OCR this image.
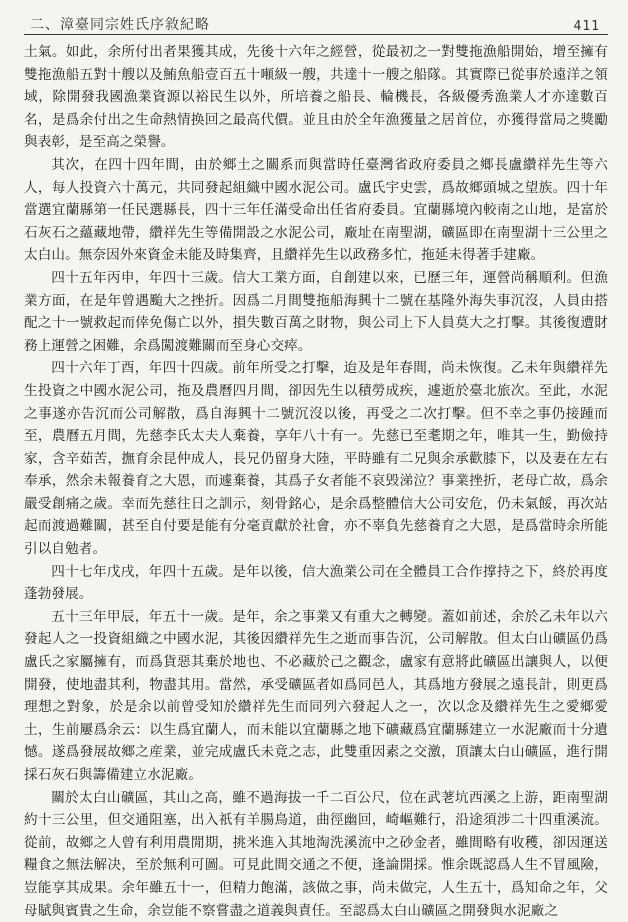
二、漳臺同宗姓氏序敘紀略	411

土氣。如此，余所付出者果獲其成，先後十六年之經營，從最初之一對雙拖漁船開始，增至擁有雙拖漁船五對十艘以及鮪魚船壹百五十噸級一艘，共達十一艘之船隊。其實際已從事於遠洋之領域，除開發我國漁業資源以裕民生以外，所培養之船長、輪機長，各級優秀漁業人才亦達數百名，是爲余付出之生命熱情换回之最高代價。並且由於全年漁獲量之居首位，亦獲得當局之獎勵與表彰，是至高之榮譽。

其次，在四十四年間，由於鄉土之關系而與當時任臺灣省政府委員之鄉長盧纘祥先生等六人，每人投資六十萬元，共同發起組織中國水泥公司。盧氏宇史雲，爲故鄉頭城之望族。四十年當選宜蘭縣第一任民選縣長，四十三年任滿受命出任省府委員。宜蘭縣境內較南之山地，是富於石灰石之蘊藏地帶，纘祥先生等備開設之水泥公司，廠址在南聖湖，礦區即在南聖湖十三公里之太白山。無奈因外來資金未能及時集齊，且纘祥先生以政務多忙，拖延未得著手建廠。

四十五年丙申，年四十三歲。信大工業方面，自創建以來，已歷三年，運營尚稱順利。但漁業方面，在是年曾遇颱大之挫折。因爲二月間雙拖船海興十二號在基隆外海失事沉沒，人員由搭配之十一號救起而倖免傷亡以外，損失數百萬之財物，與公司上下人員莫大之打擊。其後復遭財務上運營之困難，余爲闖渡難關而至身心交瘁。

四十六年丁酉，年四十四歲。前年所受之打擊，迨及是年春間，尚未恢復。乙未年與纘祥先生投資之中國水泥公司，拖及農曆四月間，卻因先生以積勞成疾，遽逝於臺北旅次。至此，水泥之事遂亦告沉而公司解散，爲自海興十二號沉沒以後，再受之二次打擊。但不幸之事仍接踵而至，農曆五月間，先慈李氏太夫人棄養，享年八十有一。先慈已至耄期之年，唯其一生，勤儉持家，含辛茹苦，撫育余昆仲成人，長兄仍留身大陸，平時雖有二兄與余承歡膝下，以及妻在左右奉承，然余未報養育之大恩，而遽棄養，其爲子女者能不哀毁涕泣？事業挫折，老母亡故，爲余嚴受創痛之歲。幸而先慈往日之訓示，刻骨銘心，是余爲整體信大公司安危，仍未氣餒，再次站起而渡過難關，甚至自付要是能有分毫貢獻於社會，亦不辜負先慈養育之大恩，是爲當時余所能引以自勉者。

四十七年戊戌，年四十五歲。是年以後，信大漁業公司在全體員工合作撑持之下，終於再度蓬勃發展。

五十三年甲辰，年五十一歲。是年，余之事業又有重大之轉變。蓋如前述，余於乙未年以六發起人之一投資組織之中國水泥，其後因纘祥先生之逝而事告沉，公司解散。但太白山礦區仍爲盧氏之家屬擁有，而爲貨惡其棄於地也、不必藏於己之觀念，盧家有意將此礦區出讓與人，以便開發，使地盡其利，物盡其用。當然，承受礦區者如爲同邑人，其爲地方發展之遠長計，則更爲理想之對象，於是余以前曾受知於纘祥先生而同列六發起人之一，次以念及纘祥先生之愛鄉愛土，生前屢爲余云：以生爲宜蘭人，而未能以宜蘭縣之地下礦藏爲宜蘭縣建立一水泥廠而十分遺憾。遂爲發展故鄉之産業，並完成盧氏未竟之志，此雙重因素之交激，頂讓太白山礦區，進行開採石灰石與籌備建立水泥廠。

關於太白山礦區，其山之高，雖不過海拔一千二百公尺，位在武荖坑西溪之上游，距南聖湖約十三公里，但交通阻塞，出入祇有羊腸鳥道，曲徑幽回，崎嶇難行，沿途須涉二十四重溪流。從前，故鄉之人曾有利用農閒期，挑米進入其地淘洗溪流中之砂金者，雖間略有收穫，卻因運送糧食之無法解决，至於無利可圖。可見此間交通之不便，逢論開採。惟余既認爲人生不冒風險，豈能享其成果。余年雖五十一，但精力飽滿，該做之事，尚未做完，人生五十，爲知命之年，父母賦與賓貴之生命，余豈能不察嘗盡之道義與責任。至認爲太白山礦區之開發與水泥廠之
